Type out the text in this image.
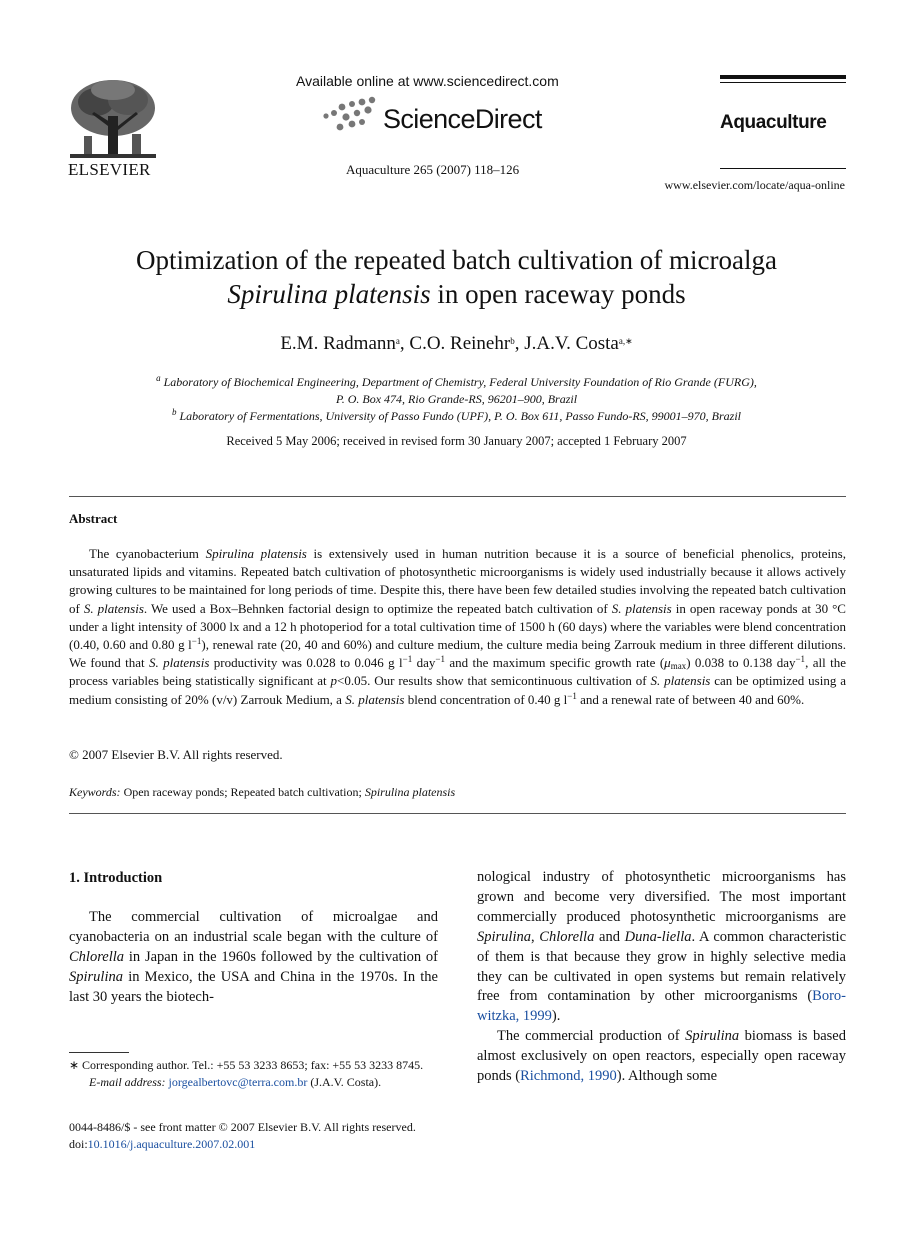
ELSEVIER
Available online at www.sciencedirect.com
ScienceDirect
Aquaculture 265 (2007) 118–126
Aquaculture
www.elsevier.com/locate/aqua-online
Optimization of the repeated batch cultivation of microalga
Spirulina platensis in open raceway ponds
E.M. Radmann$^a$, C.O. Reinehr$^b$, J.A.V. Costa$^{a,∗}$
$^a$ Laboratory of Biochemical Engineering, Department of Chemistry, Federal University Foundation of Rio Grande (FURG),
P. O. Box 474, Rio Grande-RS, 96201–900, Brazil
$^b$ Laboratory of Fermentations, University of Passo Fundo (UPF), P. O. Box 611, Passo Fundo-RS, 99001–970, Brazil
Received 5 May 2006; received in revised form 30 January 2007; accepted 1 February 2007
Abstract

The cyanobacterium Spirulina platensis is extensively used in human nutrition because it is a source of beneficial phenolics, proteins, unsaturated lipids and vitamins. Repeated batch cultivation of photosynthetic microorganisms is widely used industrially because it allows actively growing cultures to be maintained for long periods of time. Despite this, there have been few detailed studies involving the repeated batch cultivation of S. platensis. We used a Box–Behnken factorial design to optimize the repeated batch cultivation of S. platensis in open raceway ponds at 30 °C under a light intensity of 3000 lx and a 12 h photoperiod for a total cultivation time of 1500 h (60 days) where the variables were blend concentration (0.40, 0.60 and 0.80 g $l^{-1}$), renewal rate (20, 40 and 60%) and culture medium, the culture media being Zarrouk medium in three different dilutions. We found that S. platensis productivity was 0.028 to 0.046 g $l^{-1}$ day$^{-1}$ and the maximum specific growth rate $(\mu_{max})$ 0.038 to 0.138 day$^{-1}$, all the process variables being statistically significant at p<0.05. Our results show that semicontinuous cultivation of S. platensis can be optimized using a medium consisting of 20% (v/v) Zarrouk Medium, a S. platensis blend concentration of 0.40 g $l^{-1}$ and a renewal rate of between 40 and 60%.

© 2007 Elsevier B.V. All rights reserved.
Keywords: Open raceway ponds; Repeated batch cultivation; Spirulina platensis
1. Introduction

The commercial cultivation of microalgae and cyanobacteria on an industrial scale began with the culture of Chlorella in Japan in the 1960s followed by the cultivation of Spirulina in Mexico, the USA and China in the 1970s. In the last 30 years the biotech-

nological industry of photosynthetic microorganisms has grown and become very diversified. The most important commercially produced photosynthetic microorganisms are Spirulina, Chlorella and Duna-liella. A common characteristic of them is that because they grow in highly selective media they can be cultivated in open systems but remain relatively free from contamination by other microorganisms (Boro-witzka, 1999).

The commercial production of Spirulina biomass is based almost exclusively on open reactors, especially open raceway ponds (Richmond, 1990). Although some

∗ Corresponding author. Tel.: +55 53 3233 8653; fax: +55 53 3233 8745.

E-mail address: jorgealbertovc@terra.com.br (J.A.V. Costa).

0044-8486/$ - see front matter © 2007 Elsevier B.V. All rights reserved.
doi:10.1016/j.aquaculture.2007.02.001
